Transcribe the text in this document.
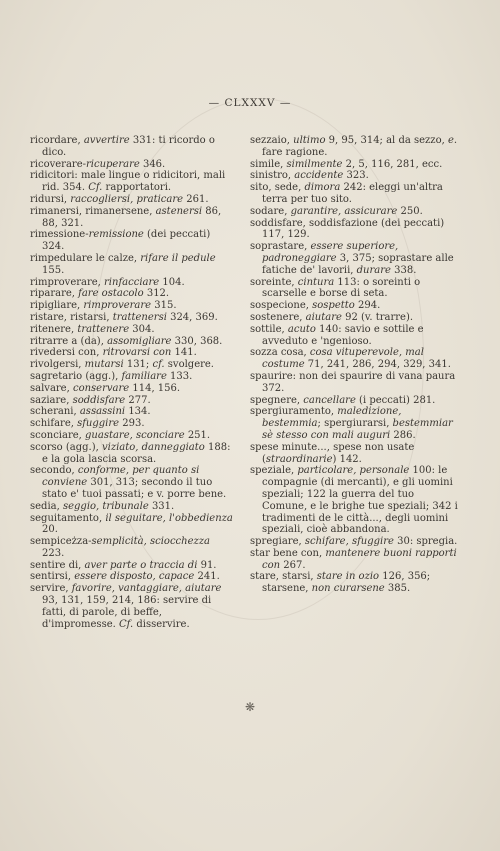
— CLXXXV —

ricordare, avvertire 331: ti ricordo o dico.

ricoverare-ricuperare 346.

ridicitori: male lingue o ridicitori, mali rid. 354. Cf. rapportatori.

ridursi, raccogliersi, praticare 261.

rimanersi, rimanersene, astenersi 86, 88, 321.

rimessione-remissione (dei peccati) 324.

rimpedulare le calze, rifare il pedule 155.

rimproverare, rinfacciare 104.

riparare, fare ostacolo 312.

ripigliare, rimproverare 315.

ristare, ristarsi, trattenersi 324, 369.

ritenere, trattenere 304.

ritrarre a (da), assomigliare 330, 368.

rivedersi con, ritrovarsi con 141.

rivolgersi, mutarsi 131; cf. svolgere.

sagretario (agg.), familiare 133.

salvare, conservare 114, 156.

saziare, soddisfare 277.

scherani, assassini 134.

schifare, sfuggire 293.

sconciare, guastare, sconciare 251.

scorso (agg.), viziato, danneggiato 188: e la gola lascia scorsa.

secondo, conforme, per quanto si conviene 301, 313; secondo il tuo stato e' tuoi passati; e v. porre bene.

sedia, seggio, tribunale 331.

seguitamento, il seguitare, l'obbedienza 20.

sempiceżza-semplicità, sciocchezza 223.

sentire di, aver parte o traccia di 91.

sentirsi, essere disposto, capace 241.

servire, favorire, vantaggiare, aiutare 93, 131, 159, 214, 186: servire di fatti, di parole, di beffe, d'impromesse. Cf. disservire.

sezzaio, ultimo 9, 95, 314; al da sezzo, e. fare ragione.

simile, similmente 2, 5, 116, 281, ecc.

sinistro, accidente 323.

sito, sede, dimora 242: eleggi un'altra terra per tuo sito.

sodare, garantire, assicurare 250.

soddisfare, soddisfazione (dei peccati) 117, 129.

soprastare, essere superiore, padroneggiare 3, 375; soprastare alle fatiche de' lavorii, durare 338.

soreinte, cintura 113: o soreinti o scarselle e borse di seta.

sospecione, sospetto 294.

sostenere, aiutare 92 (v. trarre).

sottile, acuto 140: savio e sottile e avveduto e 'ngenioso.

sozza cosa, cosa vituperevole, mal costume 71, 241, 286, 294, 329, 341.

spaurire: non dei spaurire di vana paura 372.

spegnere, cancellare (i peccati) 281.

spergiuramento, maledizione, bestemmia; spergiurarsi, bestemmiar sè stesso con mali auguri 286.

spese minute..., spese non usate (straordinarie) 142.

speziale, particolare, personale 100: le compagnie (di mercanti), e gli uomini speziali; 122 la guerra del tuo Comune, e le brighe tue speziali; 342 i tradimenti de le città..., degli uomini speziali, cioè abbandona.

spregiare, schifare, sfuggire 30: spregia.

star bene con, mantenere buoni rapporti con 267.

stare, starsi, stare in ozio 126, 356; starsene, non curarsene 385.

❋
